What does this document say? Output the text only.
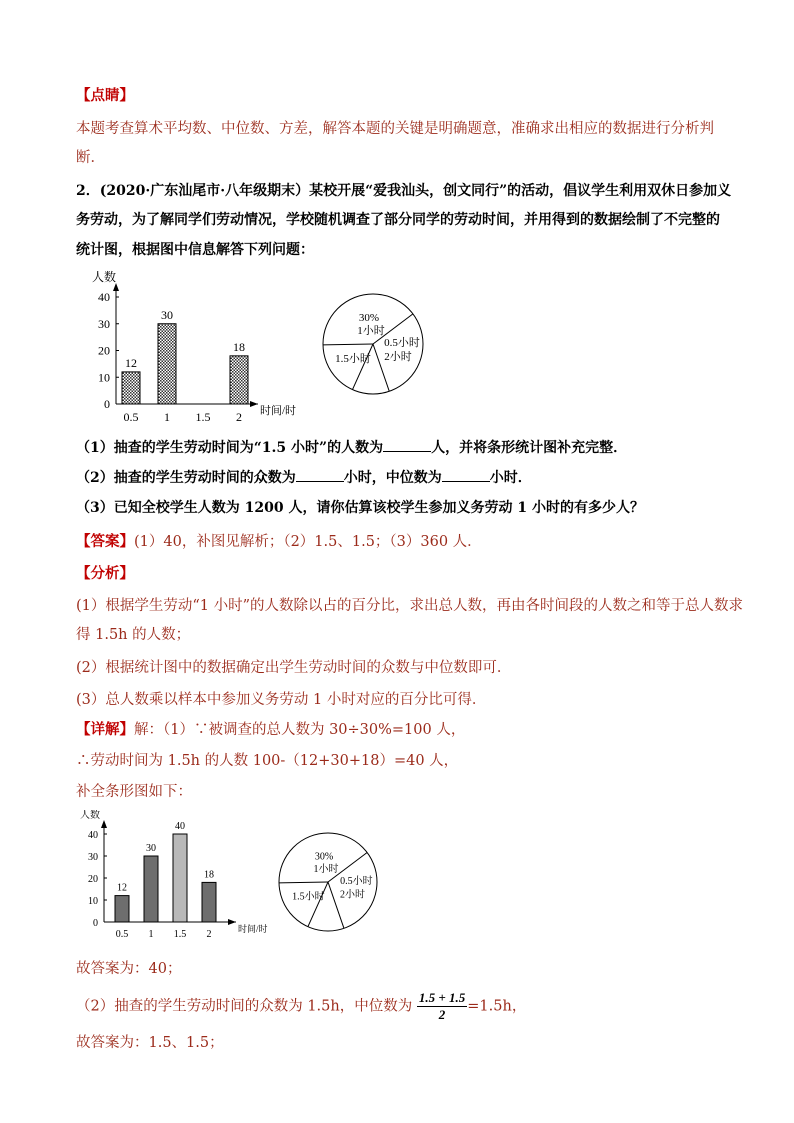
【点睛】
本题考查算术平均数、中位数、方差，解答本题的关键是明确题意，准确求出相应的数据进行分析判
断．
2．(2020·广东汕尾市·八年级期末）某校开展“爱我汕头，创文同行”的活动，倡议学生利用双休日参加义
务劳动，为了解同学们劳动情况，学校随机调查了部分同学的劳动时间，并用得到的数据绘制了不完整的
统计图，根据图中信息解答下列问题：
人数
时间/时
0
10
20
30
40
0.5
12
1
30
1.5 2
18
30%
1小时
0.5小时
2小时
1.5小时
（1）抽查的学生劳动时间为“1.5 小时”的人数为	人，并将条形统计图补充完整．
（2）抽查的学生劳动时间的众数为	小时，中位数为	小时．
（3）已知全校学生人数为 1200 人，请你估算该校学生参加义务劳动 1 小时的有多少人？
【答案】(1）40，补图见解析；（2）1.5、1.5；（3）360 人．
【分析】
(1）根据学生劳动“1 小时”的人数除以占的百分比，求出总人数，再由各时间段的人数之和等于总人数求
得 1.5h 的人数；
(2）根据统计图中的数据确定出学生劳动时间的众数与中位数即可．
(3）总人数乘以样本中参加义务劳动 1 小时对应的百分比可得．
【详解】解：（1）∵被调查的总人数为 30÷30%=100 人，
∴劳动时间为 1.5h 的人数 100-（12+30+18）=40 人，
补全条形图如下：
人数
时间/时
0
10
20
30
40
0.5
12
1
30
1.5
40
2
18
30%
1小时
0.5小时
2小时
1.5小时
故答案为：40；
（2）抽查的学生劳动时间的众数为 1.5h，中位数为 $\frac{1.5 + 1.5}{2} =1.5h$，
故答案为：1.5、1.5；
